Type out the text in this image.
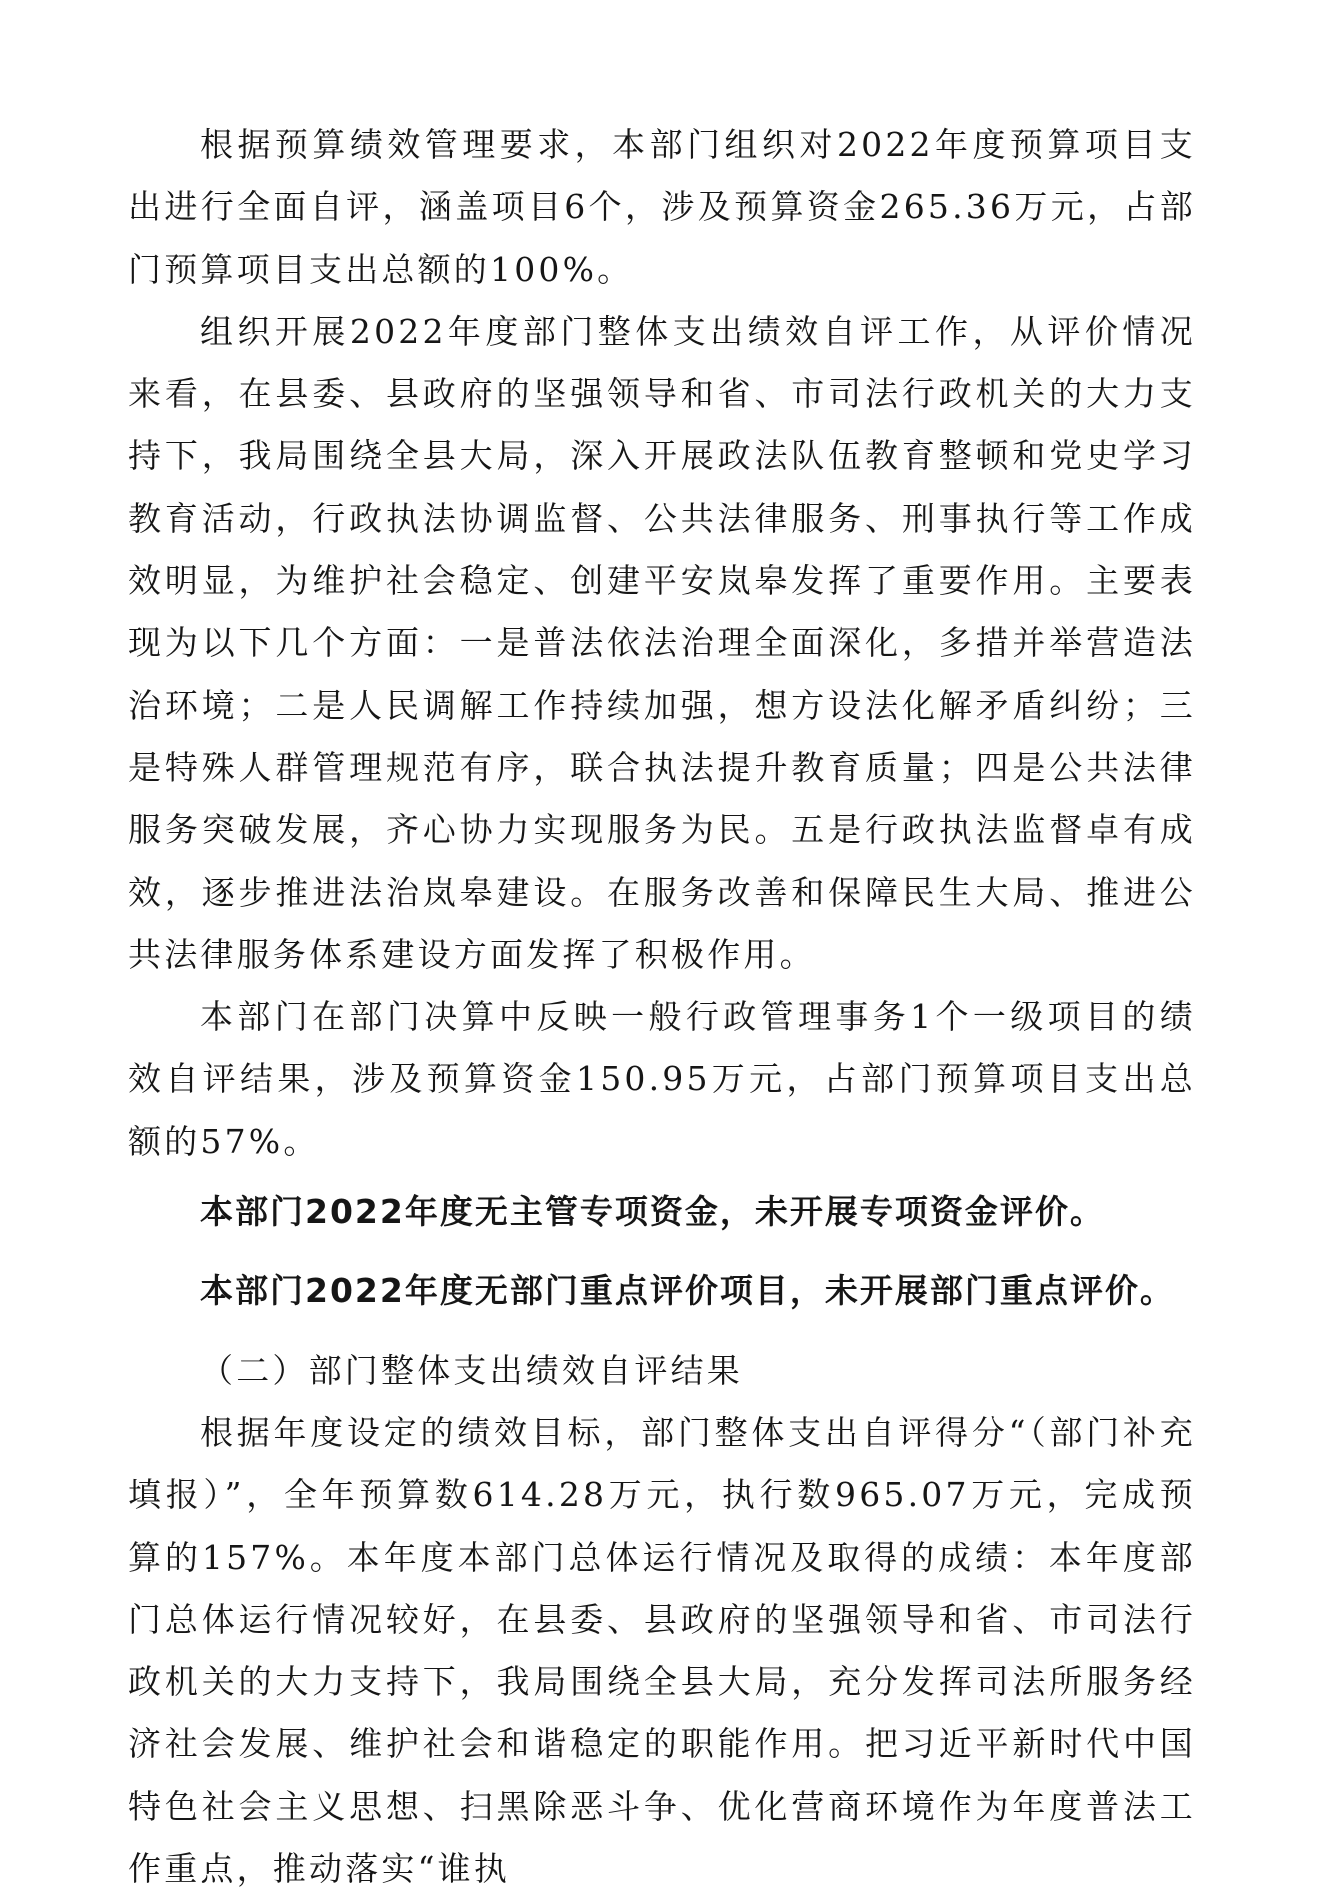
根据预算绩效管理要求，本部门组织对2022年度预算项目支出进行全面自评，涵盖项目6个，涉及预算资金265.36万元，占部门预算项目支出总额的100%。

组织开展2022年度部门整体支出绩效自评工作，从评价情况来看，在县委、县政府的坚强领导和省、市司法行政机关的大力支持下，我局围绕全县大局，深入开展政法队伍教育整顿和党史学习教育活动，行政执法协调监督、公共法律服务、刑事执行等工作成效明显，为维护社会稳定、创建平安岚皋发挥了重要作用。主要表现为以下几个方面：一是普法依法治理全面深化，多措并举营造法治环境；二是人民调解工作持续加强，想方设法化解矛盾纠纷；三是特殊人群管理规范有序，联合执法提升教育质量；四是公共法律服务突破发展，齐心协力实现服务为民。五是行政执法监督卓有成效，逐步推进法治岚皋建设。在服务改善和保障民生大局、推进公共法律服务体系建设方面发挥了积极作用。

本部门在部门决算中反映一般行政管理事务1个一级项目的绩效自评结果，涉及预算资金150.95万元，占部门预算项目支出总额的57%。

本部门2022年度无主管专项资金，未开展专项资金评价。

本部门2022年度无部门重点评价项目，未开展部门重点评价。

（二）部门整体支出绩效自评结果

根据年度设定的绩效目标，部门整体支出自评得分“（部门补充填报）”，全年预算数614.28万元，执行数965.07万元，完成预算的157%。本年度本部门总体运行情况及取得的成绩：本年度部门总体运行情况较好，在县委、县政府的坚强领导和省、市司法行政机关的大力支持下，我局围绕全县大局，充分发挥司法所服务经济社会发展、维护社会和谐稳定的职能作用。把习近平新时代中国特色社会主义思想、扫黑除恶斗争、优化营商环境作为年度普法工作重点，推动落实“谁执
